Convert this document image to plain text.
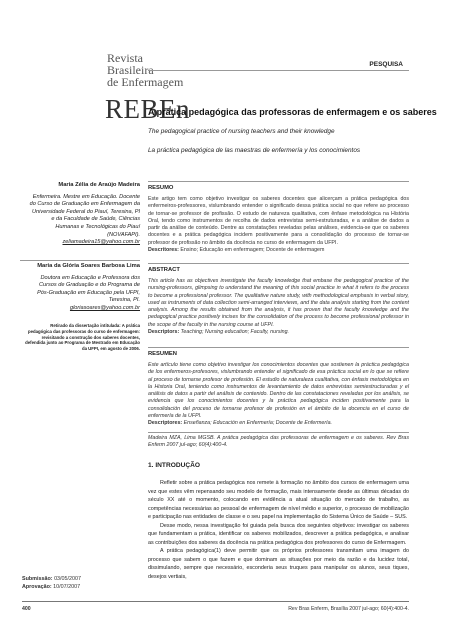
Revista
Brasileira
de Enfermagem
REBEn
PESQUISA
A prática pedagógica das professoras de enfermagem e os saberes
The pedagogical practice of nursing teachers and their knowledge
La práctica pedagógica de las maestras de enfermería y los conocimientos
Maria Zélia de Araújo Madeira
Enfermeira. Mestre em Educação. Docente
do Curso de Graduação em Enfermagem da
Universidade Federal do Piauí, Teresina, PI
e da Faculdade de Saúde, Ciências
Humanas e Tecnológicas do Piauí
(NOVAFAPI).
zeliamadeira15@yahoo.com.br
Maria da Glória Soares Barbosa Lima
Doutora em Educação e Professora dos
Cursos de Graduação e do Programa de
Pós-Graduação em Educação pela UFPI,
Teresina, PI.
gloriasoares@yahoo.com.br
Retirado da dissertação intitulada: A prática
pedagógica das professoras do curso de enfermagem:
revisitando a construção dos saberes docentes,
defendida junto ao Programa de Mestrado em Educação
da UFPI, em agosto de 2006.
RESUMO
Este artigo tem como objetivo investigar os saberes docentes que alicerçam a prática pedagógica dos enfermeiros-professores, vislumbrando entender o significado dessa prática social no que refere ao processo de tornar-se professor de profissão. O estudo de natureza qualitativa, com ênfase metodológica na História Oral, tendo como instrumentos de recolha de dados entrevistas semi-estruturadas, e a análise de dados a partir da análise de conteúdo. Dentre as constatações reveladas pelas análises, evidencia-se que os saberes docentes e a prática pedagógica incidem positivamente para a consolidação do processo de tornar-se professor de profissão no âmbito da docência no curso de enfermagem da UFPI.
Descritores: Ensino; Educação em enfermagem; Docente de enfermagem
ABSTRACT
This article has as objectives investigate the faculty knowledge that embase the pedagogical practice of the nursing-professors, glimpsing to understand the meaning of this social practice in what it refers to the process to become a professional professor. The qualitative nature study, with methodological emphasis in verbal story, used as instruments of data collection semi-arranged interviews, and the data analysis starting from the content analysis. Among the results obtained from the analysis, it has proven that the faculty knowledge and the pedagogical practice positively incises for the consolidation of the process to become professional professor in the scope of the faculty in the nursing course at UFPI.
Descriptors: Teaching; Nursing education; Faculty, nursing.
RESUMEN
Este artículo tiene como objetivo investigar los conocimientos docentes que sostienen la práctica pedagógica de los enfermeros-profesores, vislumbrando entender el significado de esa práctica social en lo que se refiere al proceso de tornarse profesor de profesión. El estudio de naturaleza cualitativa, con énfasis metodológica en la Historia Oral, teniendo como instrumentos de levantamiento de datos entrevistas semiestructuradas y el análisis de datos a partir del análisis de contenido. Dentro de las constataciones reveladas por los análisis, se evidencia que los conocimientos docentes y la práctica pedagógica inciden positivamente para la consolidación del proceso de tornarse profesor de profesión en el ámbito de la docencia en el curso de enfermería de la UFPI.
Descriptores: Enseñanza; Educación en Enfermería; Docente de Enfermería.
Madeira MZA, Lima MGSB. A prática pedagógica das professoras de enfermagem e os saberes. Rev Bras Enferm 2007 jul-ago; 60(4):400-4.
1. INTRODUÇÃO
Refletir sobre a prática pedagógica nos remete à formação no âmbito dos cursos de enfermagem uma vez que estes vêm repensando seu modelo de formação, mais intensamente desde as últimas décadas do século XX até o momento, colocando em evidência a atual situação do mercado de trabalho, as competências necessárias ao pessoal de enfermagem de nível médio e superior, o processo de mobilização e participação nas entidades de classe e o seu papel na implementação do Sistema Único de Saúde – SUS.
Desse modo, nessa investigação foi guiada pela busca dos seguintes objetivos: investigar os saberes que fundamentam a prática, identificar os saberes mobilizados, descrever a prática pedagógica, e analisar as contribuições dos saberes da docência na prática pedagógica dos professores do curso de Enfermagem.
A prática pedagógica(1) deve permitir que os próprios professores transmitam uma imagem do processo que sabem o que fazem e que dominam as situações por meio da razão e da lucidez total, dissimulando, sempre que necessário, esconderia seus truques para manipular os alunos, seus tiques, desejos vertiais,
Submissão: 03/05/2007
Aprovação: 10/07/2007
400	Rev Bras Enferm, Brasília 2007 jul-ago; 60(4):400-4.
